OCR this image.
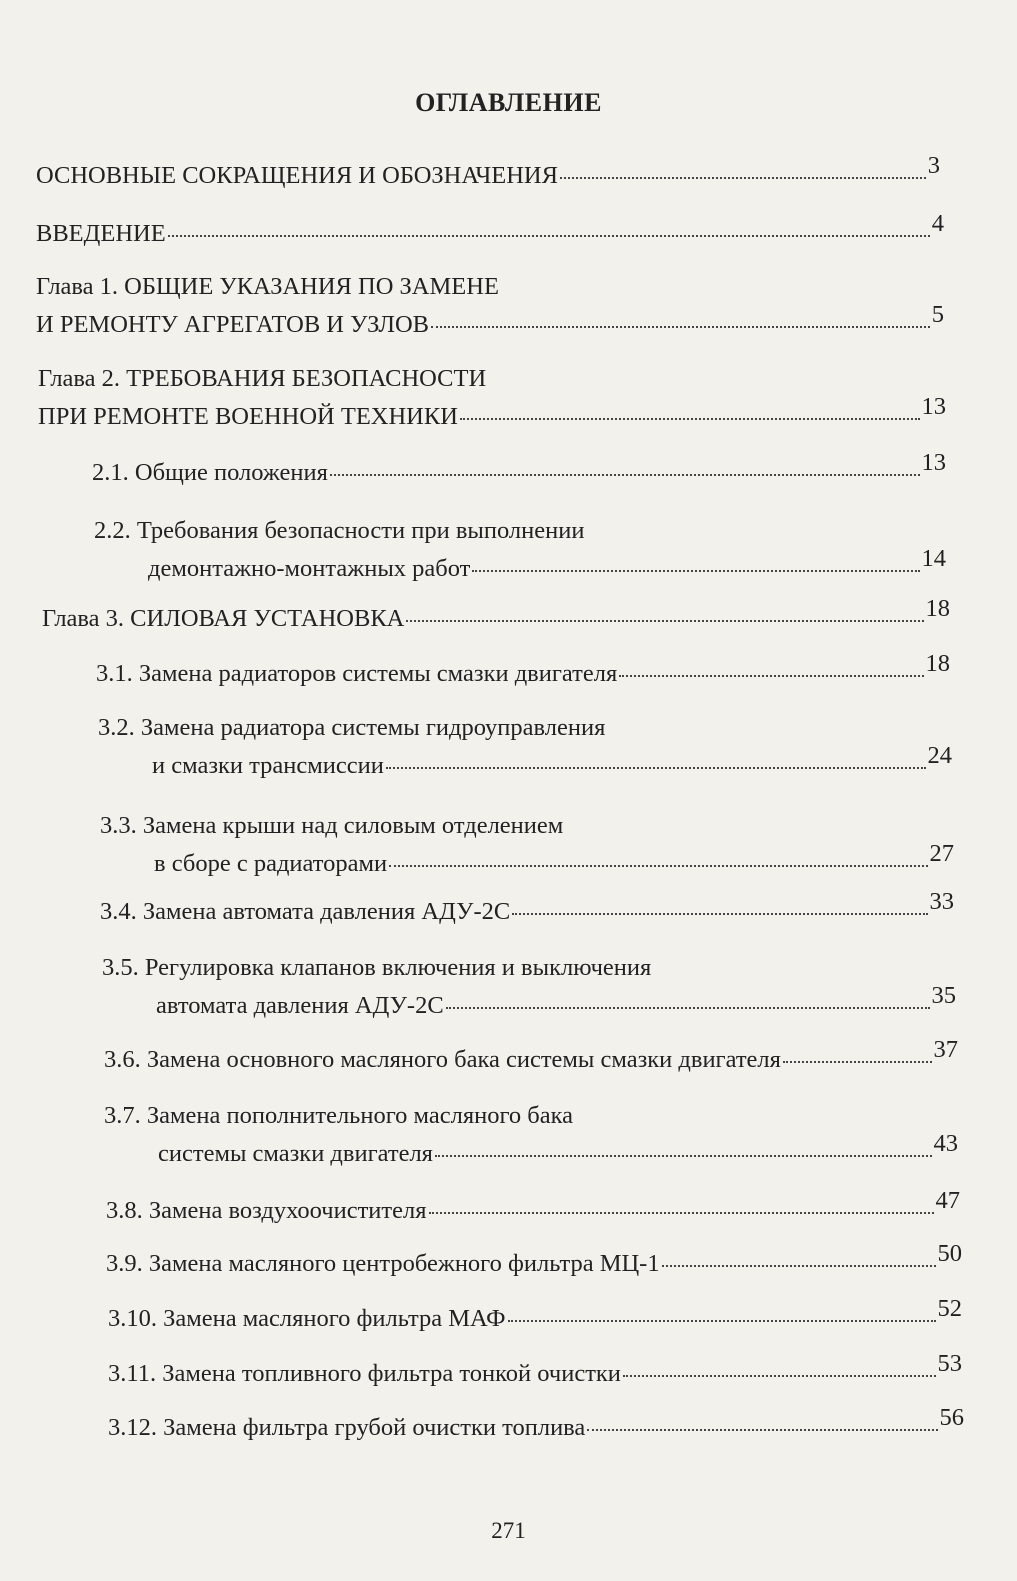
ОГЛАВЛЕНИЕ
ОСНОВНЫЕ СОКРАЩЕНИЯ И ОБОЗНАЧЕНИЯ	3
ВВЕДЕНИЕ	4
Глава 1. ОБЩИЕ УКАЗАНИЯ ПО ЗАМЕНЕ
И РЕМОНТУ АГРЕГАТОВ И УЗЛОВ	5
Глава 2. ТРЕБОВАНИЯ БЕЗОПАСНОСТИ
ПРИ РЕМОНТЕ ВОЕННОЙ ТЕХНИКИ	13
2.1. Общие положения	13
2.2. Требования безопасности при выполнении
демонтажно-монтажных работ	14
Глава 3. СИЛОВАЯ УСТАНОВКА	18
3.1. Замена радиаторов системы смазки двигателя	18
3.2. Замена радиатора системы гидроуправления
и смазки трансмиссии	24
3.3. Замена крыши над силовым отделением
в сборе с радиаторами	27
3.4. Замена автомата давления АДУ-2С	33
3.5. Регулировка клапанов включения и выключения
автомата давления АДУ-2С	35
3.6. Замена основного масляного бака системы смазки двигателя	37
3.7. Замена пополнительного масляного бака
системы смазки двигателя	43
3.8. Замена воздухоочистителя	47
3.9. Замена масляного центробежного фильтра МЦ-1	50
3.10. Замена масляного фильтра МАФ	52
3.11. Замена топливного фильтра тонкой очистки	53
3.12. Замена фильтра грубой очистки топлива	56
271
